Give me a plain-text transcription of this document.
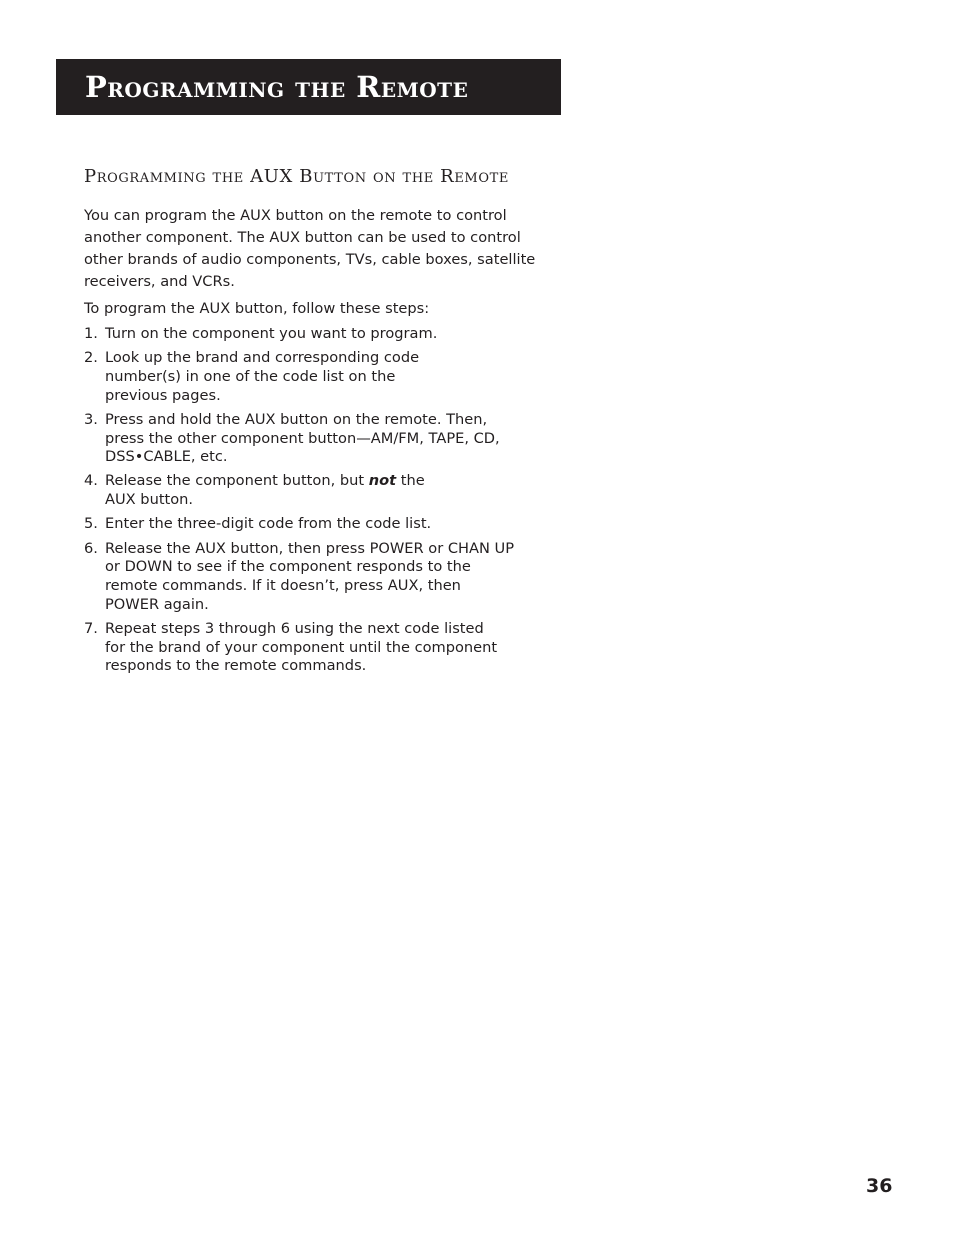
Programming the Remote
Programming the AUX Button on the Remote

You can program the AUX button on the remote to control another component. The AUX button can be used to control other brands of audio components, TVs, cable boxes, satellite receivers, and VCRs.

To program the AUX button, follow these steps:

1. Turn on the component you want to program.
2. Look up the brand and corresponding code number(s) in one of the code list on the previous pages.
3. Press and hold the AUX button on the remote. Then, press the other component button—AM/FM, TAPE, CD, DSS•CABLE, etc.
4. Release the component button, but not the AUX button.
5. Enter the three-digit code from the code list.
6. Release the AUX button, then press POWER or CHAN UP or DOWN to see if the component responds to the remote commands. If it doesn’t, press AUX, then POWER again.
7. Repeat steps 3 through 6 using the next code listed for the brand of your component until the component responds to the remote commands.
36
